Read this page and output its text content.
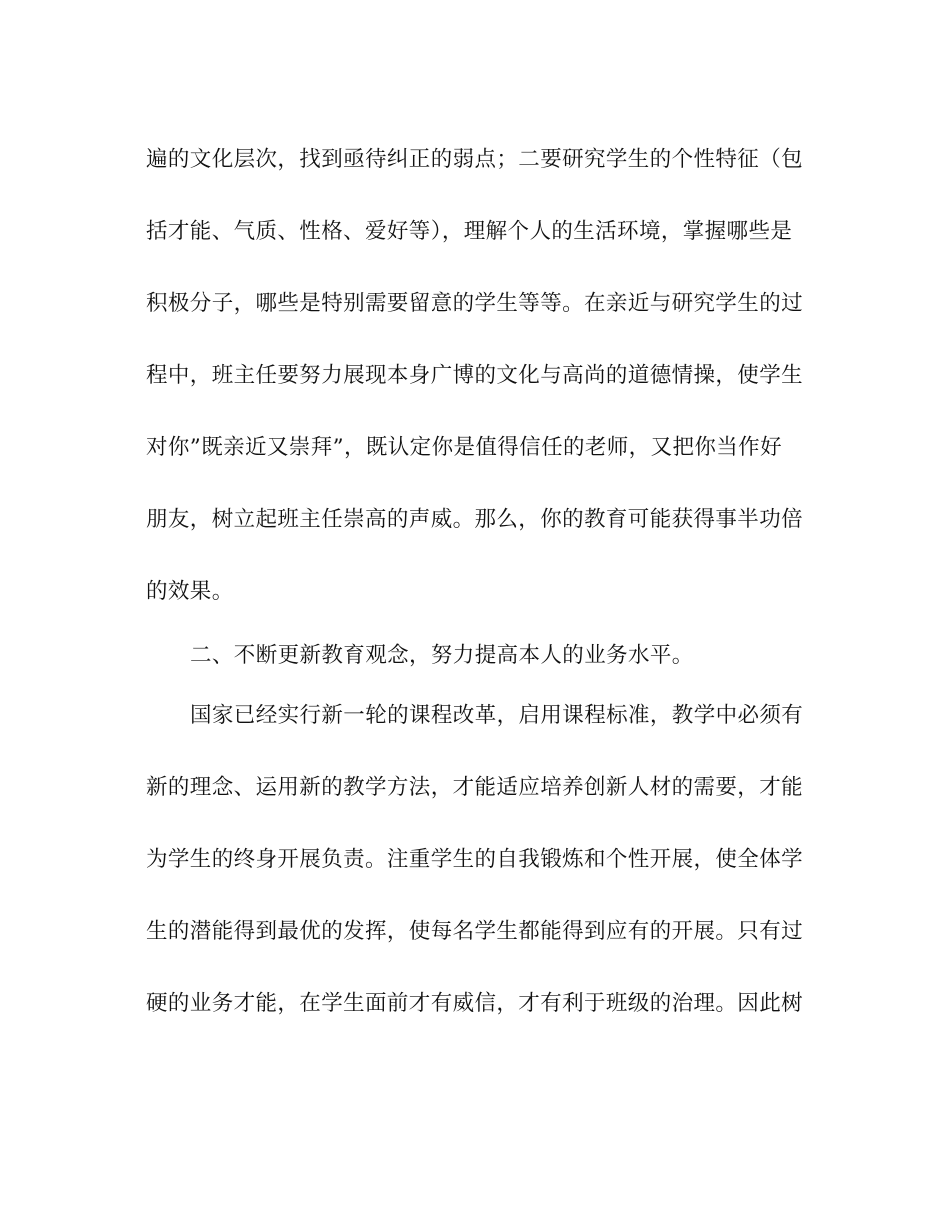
遍的文化层次，找到亟待纠正的弱点；二要研究学生的个性特征（包
括才能、气质、性格、爱好等），理解个人的生活环境，掌握哪些是
积极分子，哪些是特别需要留意的学生等等。在亲近与研究学生的过
程中，班主任要努力展现本身广博的文化与高尚的道德情操，使学生
对你”既亲近又崇拜”，既认定你是值得信任的老师，又把你当作好
朋友，树立起班主任崇高的声威。那么，你的教育可能获得事半功倍
的效果。
二、不断更新教育观念，努力提高本人的业务水平。
国家已经实行新一轮的课程改革，启用课程标准，教学中必须有
新的理念、运用新的教学方法，才能适应培养创新人材的需要，才能
为学生的终身开展负责。注重学生的自我锻炼和个性开展，使全体学
生的潜能得到最优的发挥，使每名学生都能得到应有的开展。只有过
硬的业务才能，在学生面前才有威信，才有利于班级的治理。因此树
